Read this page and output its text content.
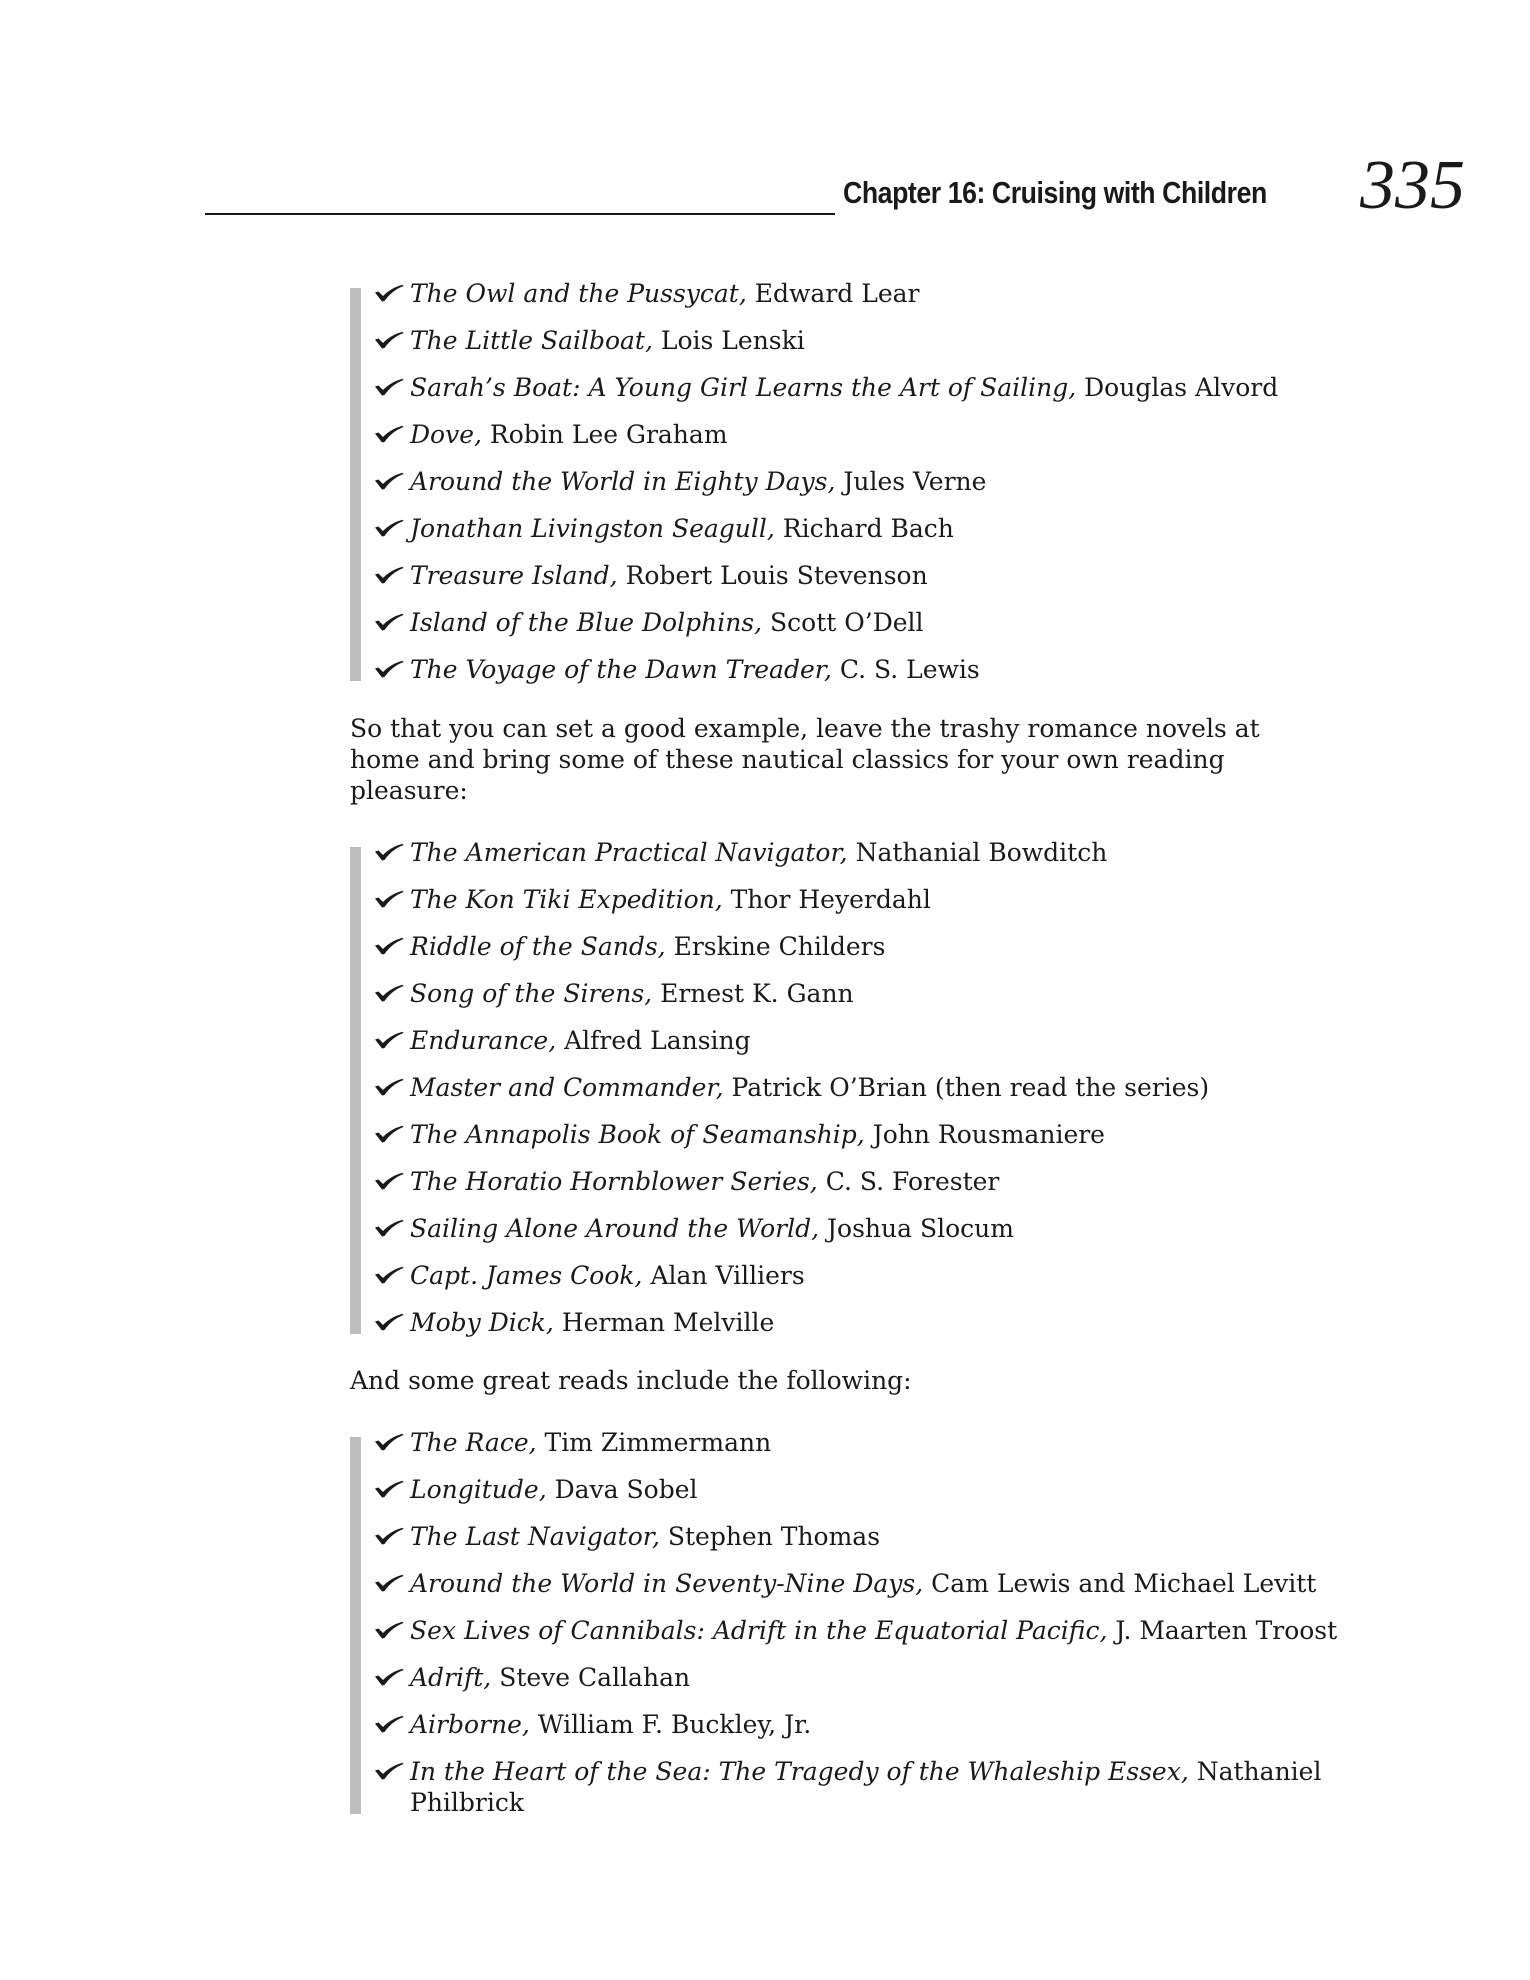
Chapter 16: Cruising with Children 335
The Owl and the Pussycat, Edward Lear
The Little Sailboat, Lois Lenski
Sarah’s Boat: A Young Girl Learns the Art of Sailing, Douglas Alvord
Dove, Robin Lee Graham
Around the World in Eighty Days, Jules Verne
Jonathan Livingston Seagull, Richard Bach
Treasure Island, Robert Louis Stevenson
Island of the Blue Dolphins, Scott O’Dell
The Voyage of the Dawn Treader, C. S. Lewis

So that you can set a good example, leave the trashy romance novels at home and bring some of these nautical classics for your own reading pleasure:

The American Practical Navigator, Nathanial Bowditch
The Kon Tiki Expedition, Thor Heyerdahl
Riddle of the Sands, Erskine Childers
Song of the Sirens, Ernest K. Gann
Endurance, Alfred Lansing
Master and Commander, Patrick O’Brian (then read the series)
The Annapolis Book of Seamanship, John Rousmaniere
The Horatio Hornblower Series, C. S. Forester
Sailing Alone Around the World, Joshua Slocum
Capt. James Cook, Alan Villiers
Moby Dick, Herman Melville

And some great reads include the following:

The Race, Tim Zimmermann
Longitude, Dava Sobel
The Last Navigator, Stephen Thomas
Around the World in Seventy-Nine Days, Cam Lewis and Michael Levitt
Sex Lives of Cannibals: Adrift in the Equatorial Pacific, J. Maarten Troost
Adrift, Steve Callahan
Airborne, William F. Buckley, Jr.
In the Heart of the Sea: The Tragedy of the Whaleship Essex, Nathaniel Philbrick
